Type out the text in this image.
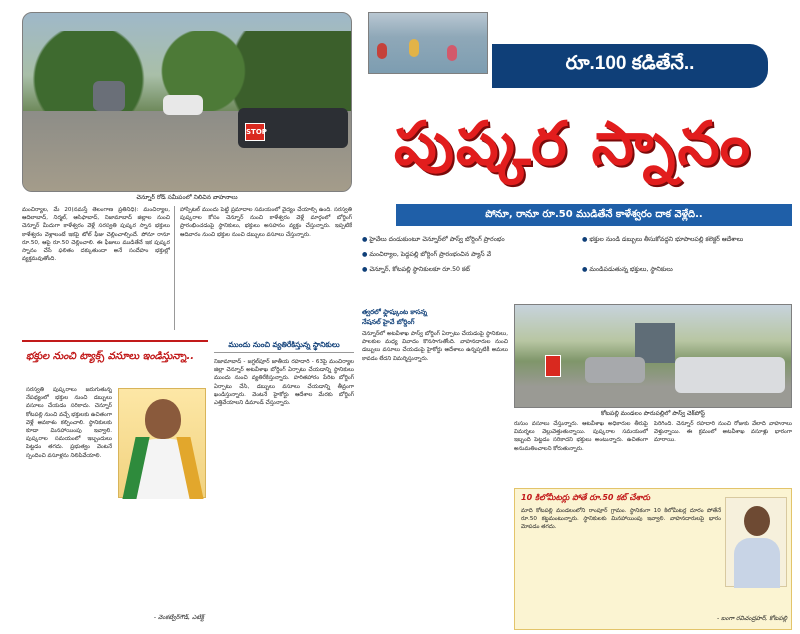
STOP
చెన్నూర్ రోడ్ సమీపంలో నిలిచిన వాహనాలు
రూ.100 కడితేనే..
పుష్కర స్నానం
పోనూ, రానూ రూ.50 ముడితేనే కాళేశ్వరం దాక వెళ్లేది..
● హైవేలు దండుకుంటూ చెన్నూర్‌లో పాస్వ్ బోర్డింగ్ ప్రారంభం	● భక్తుల నుండి డబ్బులు తీసుకోవద్దని భూపాలపల్లి కలెక్టర్ ఆదేశాలు
● మంచిర్యాల, పెద్దపల్లి బోర్డింగ్ ప్రారంభంచిన ప్యాస్ వే
● చెన్నూర్, కోటపల్లి స్థానికులకూ రూ.50 కట్	● మండిపడుతున్న భక్తులు, స్థానికులు
మంచిర్యాల, మే 20(నమస్తే తెలంగాణ ప్రతినిధి): మంచిర్యాల, ఆదిలాబాద్, నిర్మల్, ఆసిఫాబాద్, నిజామాబాద్ జిల్లాల నుంచి చెన్నూర్ మీదుగా కాళేశ్వరం వెళ్లే సరస్వతి పుష్కర స్నాన భక్తులు కాళేశ్వరం వెళ్లాలంటే ఇకపై టోల్ ఫీజు చెల్లించాల్సిందే. పోనూ రానూ రూ.50, ఆపై రూ.50 చెల్లించాలి. ఈ ఫీజులు ముడితేనే ఇక పుష్కర స్నానం చేసే ఫలితం దక్కుతుందా అనే సందేహం భక్తుల్లో వ్యక్తమవుతోంది.
హాస్పిటల్ ముందు పెట్టి ప్రమాదాల సమయంలో వైద్యం చేయాల్సి ఉంది. సరస్వతి పుష్కరాల కోసం చెన్నూర్ నుంచి కాళేశ్వరం వెళ్లే మార్గంలో బోర్డింగ్ ప్రారంభించడంపై స్థానికులు, భక్తులు అసహనం వ్యక్తం చేస్తున్నారు. ఇప్పటికే ఆదివారం నుంచి భక్తుల నుంచి డబ్బులు వసూలు చేస్తున్నారు.
భక్తుల నుంచి ట్యాక్స్ వసూలు ఇండిస్తున్నా..
సరస్వతి పుష్కరాలు జరుగుతున్న నేపథ్యంలో భక్తుల నుంచి డబ్బులు వసూలు చేయడం సరికాదు. చెన్నూర్ కోటపల్లి నుంచి వచ్చే భక్తులకు ఉచితంగా వెళ్లే అవకాశం కల్పించాలి. స్థానికులకు కూడా మినహాయింపు ఇవ్వాలి. పుష్కరాల సమయంలో ఇబ్బందులు పెట్టడం తగదు. ప్రభుత్వం వెంటనే స్పందించి వసూళ్లను నిలిపివేయాలి.
- వెంకట్వేర్‌గౌడ్, ఎటిక్ట్‌
ముందు నుంచి వ్యతిరేకిస్తున్న స్థానికులు
నిజామాబాద్ - జగ్దల్‌పూర్ జాతీయ రహదారి - 63పై మంచిర్యాల జిల్లా చెన్నూర్ అటవీశాఖ బోర్డింగ్ ఏర్పాటు చేయడాన్ని స్థానికులు ముందు నుంచి వ్యతిరేకిస్తున్నారు. హరితహారం పేరిట బోర్డింగ్ ఏర్పాటు చేసి, డబ్బులు వసూలు చేయడాన్ని తీవ్రంగా ఖండిస్తున్నారు. వెంటనే హైకోర్టు ఆదేశాల మేరకు బోర్డింగ్ ఎత్తివేయాలని డిమాండ్ చేస్తున్నారు.
త్వరలో ఫ్లాష్కుంట కాసన్న
నేషనల్ హైవే బోర్డింగ్
చెన్నూర్‌లో అటవీశాఖ పాస్వ్ బోర్డింగ్ ఏర్పాటు చేయడంపై స్థానికులు, పాలకుల మధ్య వివాదం కొనసాగుతోంది. వాహనదారుల నుంచి డబ్బులు వసూలు చేయడంపై హైకోర్టు ఆదేశాలు ఉన్నప్పటికీ అమలు కావడం లేదని విమర్శిస్తున్నారు.
కోటపల్లి మండలం పారుపల్లిలో పాస్వ్ చెక్‌పోస్ట్
రుసుం వసూలు చేస్తున్నారు. ఆటవీశాఖ అధికారుల తీరుపై విమర్శలు వెల్లువెత్తుతున్నాయి. పుష్కరాల సమయంలో ఇబ్బంది పెట్టడం సరికాదని భక్తులు అంటున్నారు. ఉచితంగా అనుమతించాలని కోరుతున్నారు.
పెరిగింది. చెన్నూర్ రహదారి నుంచి రోజుకు వేలాది వాహనాలు వెళ్తున్నాయి. ఈ క్రమంలో అటవీశాఖ వసూళ్లు భారంగా మారాయి.
10 కిలోమీటర్లు పోతే రూ.50 కట్ చేశారు
మాది కోటపల్లి మండలంలోని రాంపూర్ గ్రామం. స్థానికంగా 10 కిలోమీటర్ల దూరం పోతేనే రూ.50 కట్టమంటున్నారు. స్థానికులకు మినహాయింపు ఇవ్వాలి. వాహనదారులపై భారం మోపడం తగదు.
- బంగా రవిచంద్రహర్, కోటపల్లి
